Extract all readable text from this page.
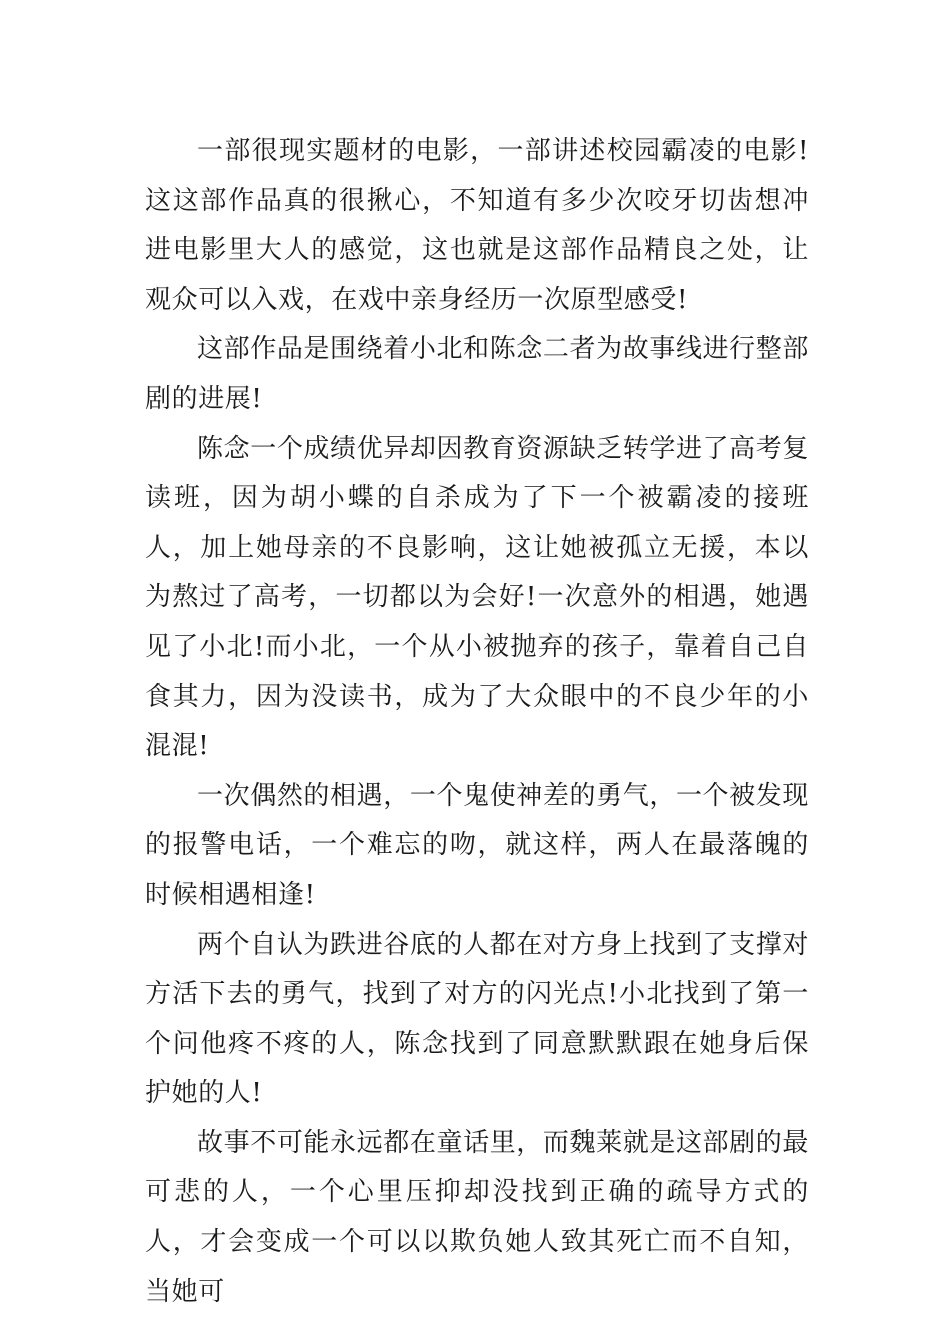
一部很现实题材的电影，一部讲述校园霸凌的电影!这这部作品真的很揪心，不知道有多少次咬牙切齿想冲进电影里大人的感觉，这也就是这部作品精良之处，让观众可以入戏，在戏中亲身经历一次原型感受!

这部作品是围绕着小北和陈念二者为故事线进行整部剧的进展!

陈念一个成绩优异却因教育资源缺乏转学进了高考复读班，因为胡小蝶的自杀成为了下一个被霸凌的接班人，加上她母亲的不良影响，这让她被孤立无援，本以为熬过了高考，一切都以为会好!一次意外的相遇，她遇见了小北!而小北，一个从小被抛弃的孩子，靠着自己自食其力，因为没读书，成为了大众眼中的不良少年的小混混!

一次偶然的相遇，一个鬼使神差的勇气，一个被发现的报警电话，一个难忘的吻，就这样，两人在最落魄的时候相遇相逢!

两个自认为跌进谷底的人都在对方身上找到了支撑对方活下去的勇气，找到了对方的闪光点!小北找到了第一个问他疼不疼的人，陈念找到了同意默默跟在她身后保护她的人!

故事不可能永远都在童话里，而魏莱就是这部剧的最可悲的人，一个心里压抑却没找到正确的疏导方式的人，才会变成一个可以以欺负她人致其死亡而不自知，当她可
